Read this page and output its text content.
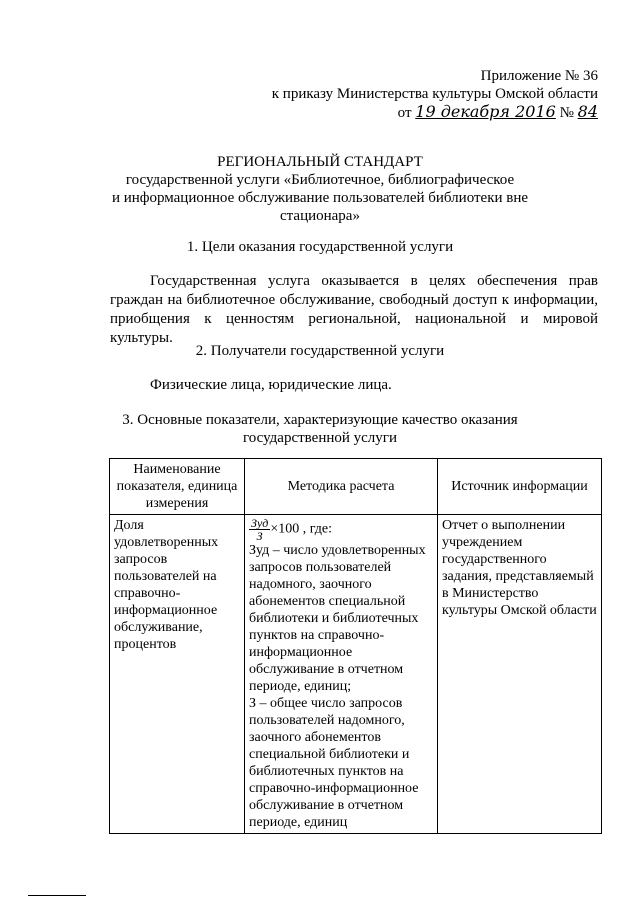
Приложение № 36
к приказу Министерства культуры Омской области
от 19 декабря 2016 № 84
РЕГИОНАЛЬНЫЙ СТАНДАРТ
государственной услуги «Библиотечное, библиографическое
и информационное обслуживание пользователей библиотеки вне
стационара»
1. Цели оказания государственной услуги
Государственная услуга оказывается в целях обеспечения прав граждан на библиотечное обслуживание, свободный доступ к информации, приобщения к ценностям региональной, национальной и мировой культуры.
2. Получатели государственной услуги
Физические лица, юридические лица.
3. Основные показатели, характеризующие качество оказания
государственной услуги
Наименование показателя, единица измерения	Методика расчета	Источник информации
Доля удовлетворенных запросов пользователей на справочно-информационное обслуживание, процентов	$\frac{\text{Зуд}}{З} \times 100$ , где:
Зуд – число удовлетворенных запросов пользователей надомного, заочного абонементов специальной библиотеки и библиотечных пунктов на справочно-информационное обслуживание в отчетном периоде, единиц;
З – общее число запросов пользователей надомного, заочного абонементов специальной библиотеки и библиотечных пунктов на справочно-информационное обслуживание в отчетном периоде, единиц	Отчет о выполнении учреждением государственного задания, представляемый в Министерство культуры Омской области
